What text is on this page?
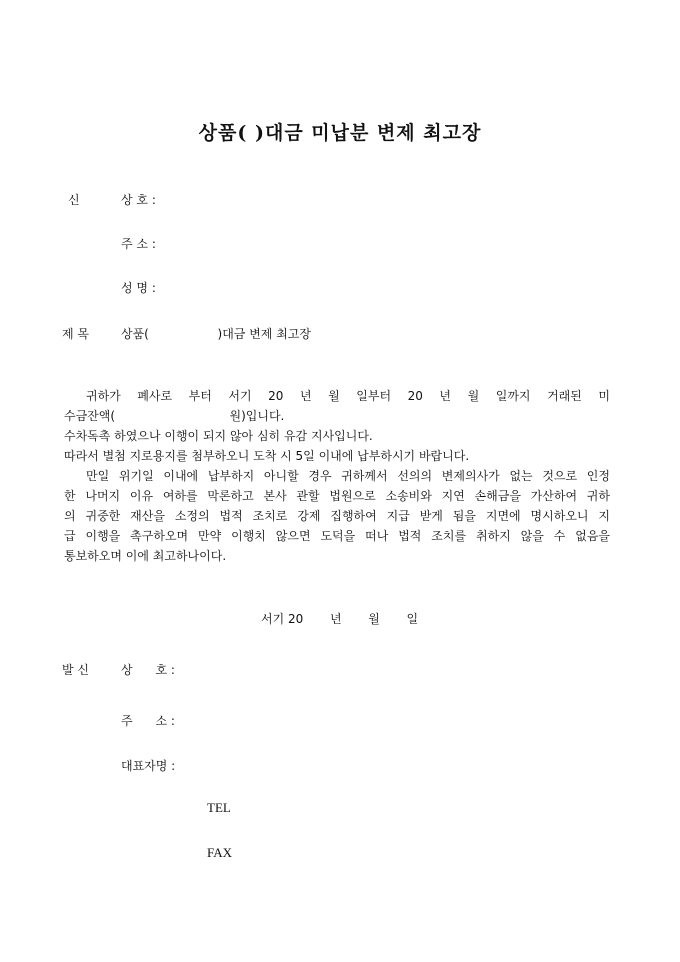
상품( )대금 미납분 변제 최고장
신	상 호 :
주 소 :
성 명 :
제 목	상품(                  )대금 변제 최고장
귀하가 폐사로 부터 서기 20 년 월 일부터 20 년 월 일까지 거래된 미
수금잔액(                              원)입니다.
수차독촉 하였으나 이행이 되지 않아 심히 유감 지사입니다.
따라서 별첨 지로용지를 첨부하오니 도착 시 5일 이내에 납부하시기 바랍니다.
만일 위기일 이내에 납부하지 아니할 경우 귀하께서 선의의 변제의사가 없는 것으로 인정
한 나머지 이유 여하를 막론하고 본사 관할 법원으로 소송비와 지연 손해금을 가산하여 귀하
의 귀중한 재산을 소정의 법적 조치로 강제 집행하여 지급 받게 됨을 지면에 명시하오니 지
급 이행을 촉구하오며 만약 이행치 않으면 도덕을 떠나 법적 조치를 취하지 않을 수 없음을
통보하오며 이에 최고하나이다.
서기 20       년       월       일
발 신	상      호 :
주      소 :
대표자명 :
TEL
FAX
